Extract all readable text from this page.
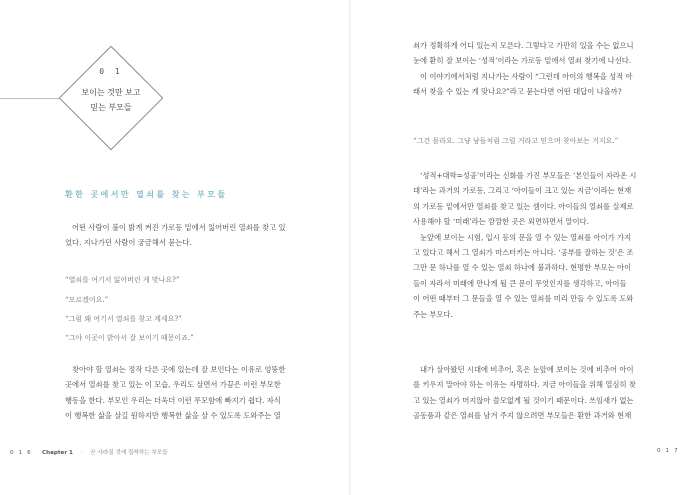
0 1
보이는 것만 보고
믿는 부모들
환한 곳에서만 열쇠를 찾는 부모들
어떤 사람이 불이 밝게 켜진 가로등 밑에서 잃어버린 열쇠를 찾고 있
었다. 지나가던 사람이 궁금해서 묻는다.

“열쇠를 여기서 잃어버린 게 맞나요?”

“모르겠어요.”

“그럼 왜 여기서 열쇠를 찾고 계세요?”

“그야 이곳이 밝아서 잘 보이기 때문이죠.”

찾아야 할 열쇠는 정작 다른 곳에 있는데 잘 보인다는 이유로 엉뚱한
곳에서 열쇠를 찾고 있는 이 모습, 우리도 살면서 가끔은 이런 부모한
행동을 한다. 부모인 우리는 더욱더 이런 무모함에 빠지기 쉽다. 자식
이 행복한 삶을 살길 원하지만 행복한 삶을 살 수 있도록 도와주는 열
0 1 6 Chapter 1 · 곧 사라질 것에 집착하는 부모들
쇠가 정확하게 어디 있는지 모른다. 그렇다고 가만히 있을 수는 없으니
눈에 환히 잘 보이는 ‘성적’이라는 가로등 밑에서 열쇠 찾기에 나선다.
이 이야기에서처럼 지나가는 사람이 “그런데 아이의 행복을 성적 아
래서 찾을 수 있는 게 맞나요?”라고 묻는다면 어떤 대답이 나올까?

“그건 몰라요. 그냥 남들처럼 그럴 거라고 믿으며 찾아보는 거지요.”

‘성적+대학=성공’이라는 신화를 가진 부모들은 ‘본인들이 자라온 시
대’라는 과거의 가로등, 그리고 ‘아이들이 크고 있는 지금’이라는 현재
의 가로등 밑에서만 열쇠를 찾고 있는 셈이다. 아이들의 열쇠를 실제로
사용해야 할 ‘미래’라는 깜깜한 곳은 외면하면서 말이다.
눈앞에 보이는 시험, 입시 등의 문을 열 수 있는 열쇠를 아이가 가지
고 있다고 해서 그 열쇠가 마스터키는 아니다. ‘공부를 잘하는 것’은 조
그만 문 하나를 열 수 있는 열쇠 하나에 불과하다. 현명한 부모는 아이
들이 자라서 미래에 만나게 될 큰 문이 무엇인지를 생각하고, 아이들
이 어떤 때부터 그 문들을 열 수 있는 열쇠를 미리 만들 수 있도록 도와
주는 부모다.
내가 살아왔던 시대에 비추어, 혹은 눈앞에 보이는 것에 비추어 아이
를 키우지 말아야 하는 이유는 자명하다. 지금 아이들을 위해 열심히 찾
고 있는 열쇠가 머지않아 쓸모없게 될 것이기 때문이다. 쓰임새가 없는
골동품과 같은 열쇠를 남겨 주지 않으려면 부모들은 환한 과거와 현재
0 1 7
